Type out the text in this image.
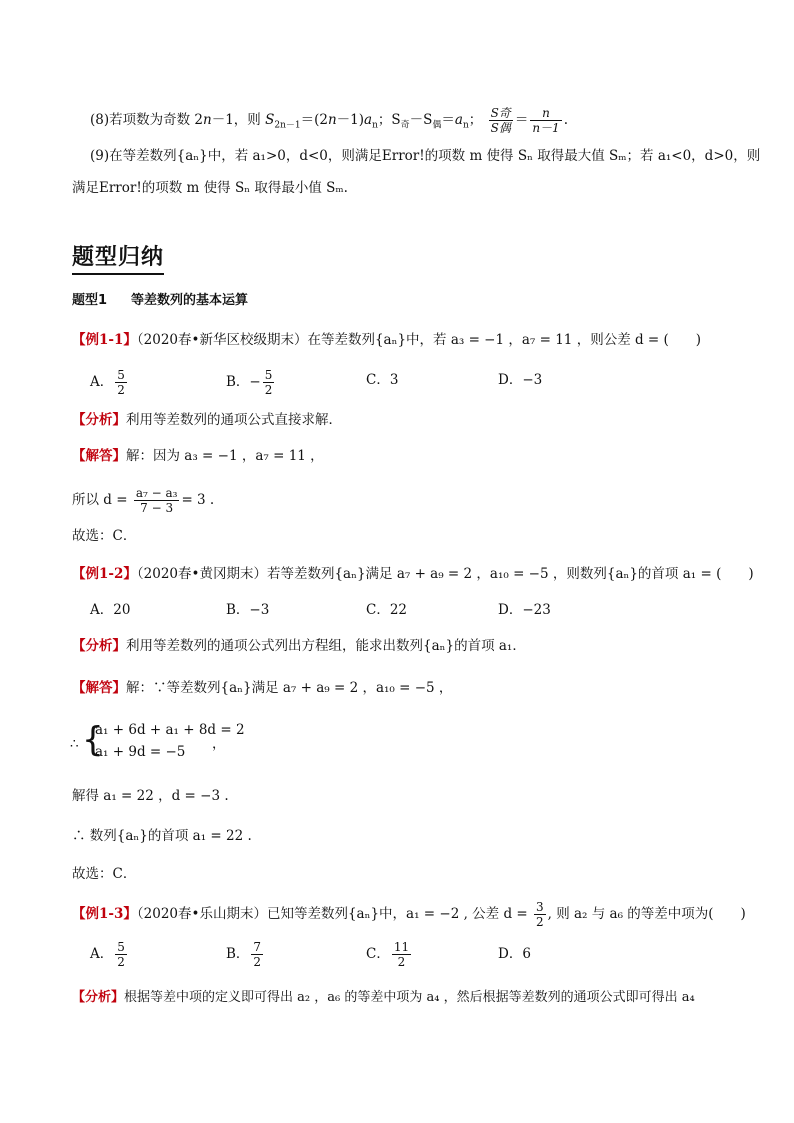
(8)若项数为奇数 2n－1，则 $S_{2n-1}=(2n-1)a_n$；$S_奇-S_偶=a_n$； $\frac{\text{S奇}}{\text{S偶}} = \frac{n}{n-1}$ .
(9)在等差数列{aₙ}中，若 a₁>0，d<0，则满足Error!的项数 m 使得 Sₙ 取得最大值 Sₘ；若 a₁<0，d>0，则
满足Error!的项数 m 使得 Sₙ 取得最小值 Sₘ.
题型归纳
题型1 等差数列的基本运算
【例1-1】（2020春•新华区校级期末）在等差数列{aₙ}中，若 a₃ = −1 ，a₇ = 11 ，则公差 d = (　　)
A． $\frac{5}{2}$	B．− $\frac{5}{2}$	C．3	D．−3
【分析】利用等差数列的通项公式直接求解．
【解答】解：因为 a₃ = −1 ，a₇ = 11 ，
所以 $d = \frac{\text{a₇ − a₃}}{7 - 3} = 3$ .
故选：C．
【例1-2】（2020春•黄冈期末）若等差数列{aₙ}满足 a₇ + a₉ = 2 ，a₁₀ = −5 ，则数列{aₙ}的首项 a₁ = (　　)
A．20	B．−3	C．22	D．−23
【分析】利用等差数列的通项公式列出方程组，能求出数列{aₙ}的首项 a₁．
【解答】解：∵等差数列{aₙ}满足 a₇ + a₉ = 2 ，a₁₀ = −5 ，
∴ {
a₁ + 6d + a₁ + 8d = 2
a₁ + 9d = −5 ，
解得 a₁ = 22 ，d = −3 .
∴ 数列{aₙ}的首项 a₁ = 22 .
故选：C．
【例1-3】（2020春•乐山期末）已知等差数列{aₙ}中，a₁ = −2 , 公差 $d = \frac{3}{2}$ , 则 a₂ 与 a₆ 的等差中项为(　　)
A． $\frac{5}{2}$	B． $\frac{7}{2}$	C． $\frac{11}{2}$	D．6
【分析】根据等差中项的定义即可得出 a₂ ，a₆ 的等差中项为 a₄ ，然后根据等差数列的通项公式即可得出 a₄
